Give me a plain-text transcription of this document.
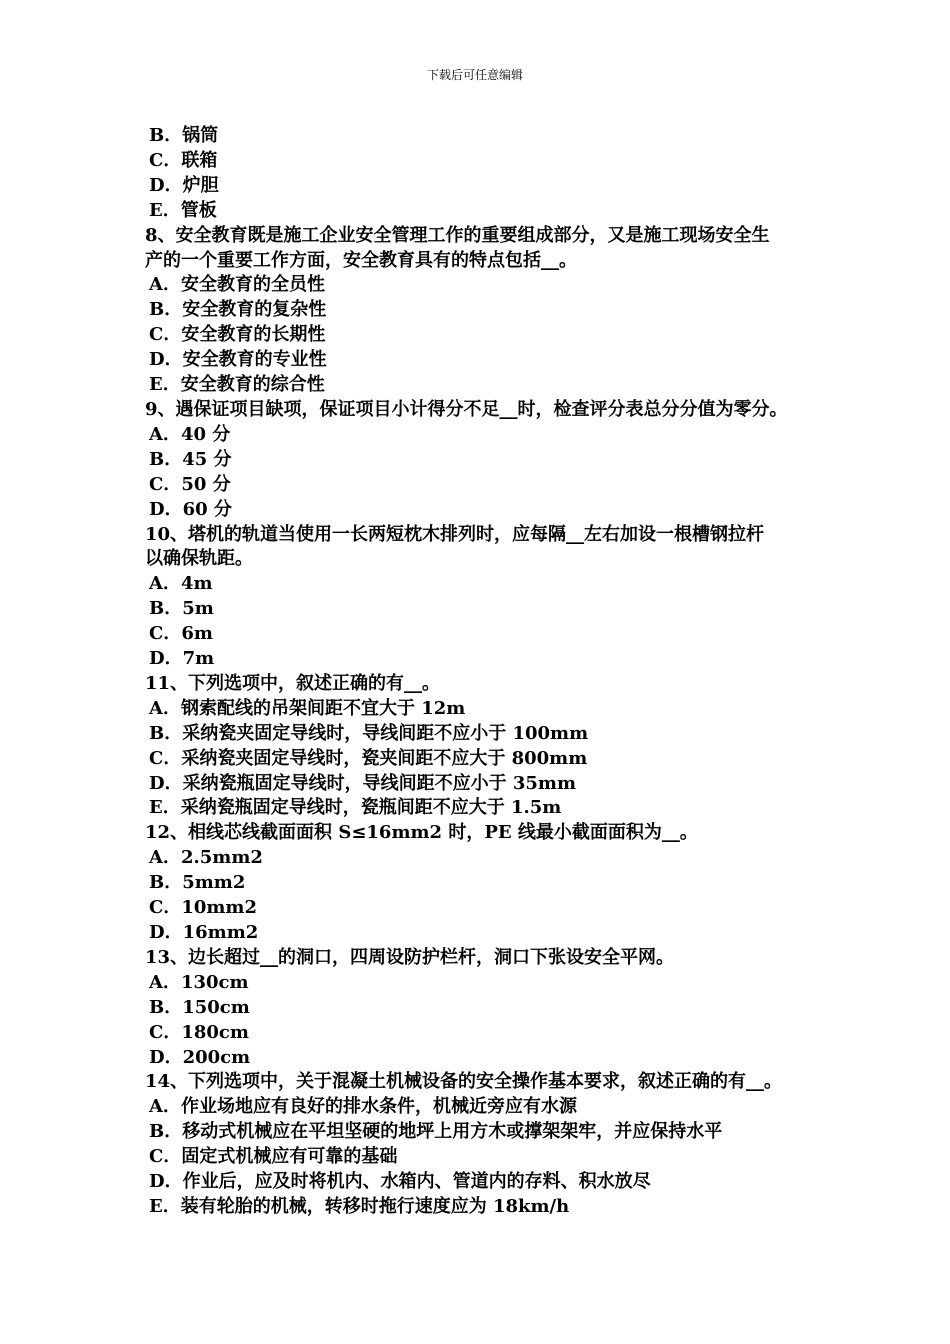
下载后可任意编辑
B．锅筒
C．联箱
D．炉胆
E．管板
8、安全教育既是施工企业安全管理工作的重要组成部分，又是施工现场安全生
产的一个重要工作方面，安全教育具有的特点包括__。
A．安全教育的全员性
B．安全教育的复杂性
C．安全教育的长期性
D．安全教育的专业性
E．安全教育的综合性
9、遇保证项目缺项，保证项目小计得分不足__时，检查评分表总分分值为零分。
A．40 分
B．45 分
C．50 分
D．60 分
10、塔机的轨道当使用一长两短枕木排列时，应每隔__左右加设一根槽钢拉杆
以确保轨距。
A．4m
B．5m
C．6m
D．7m
11、下列选项中，叙述正确的有__。
A．钢索配线的吊架间距不宜大于 12m
B．采纳瓷夹固定导线时，导线间距不应小于 100mm
C．采纳瓷夹固定导线时，瓷夹间距不应大于 800mm
D．采纳瓷瓶固定导线时，导线间距不应小于 35mm
E．采纳瓷瓶固定导线时，瓷瓶间距不应大于 1.5m
12、相线芯线截面面积 S≤16mm2 时，PE 线最小截面面积为__。
A．2.5mm2
B．5mm2
C．10mm2
D．16mm2
13、边长超过__的洞口，四周设防护栏杆，洞口下张设安全平网。
A．130cm
B．150cm
C．180cm
D．200cm
14、下列选项中，关于混凝土机械设备的安全操作基本要求，叙述正确的有__。
A．作业场地应有良好的排水条件，机械近旁应有水源
B．移动式机械应在平坦坚硬的地坪上用方木或撑架架牢，并应保持水平
C．固定式机械应有可靠的基础
D．作业后，应及时将机内、水箱内、管道内的存料、积水放尽
E．装有轮胎的机械，转移时拖行速度应为 18km/h
